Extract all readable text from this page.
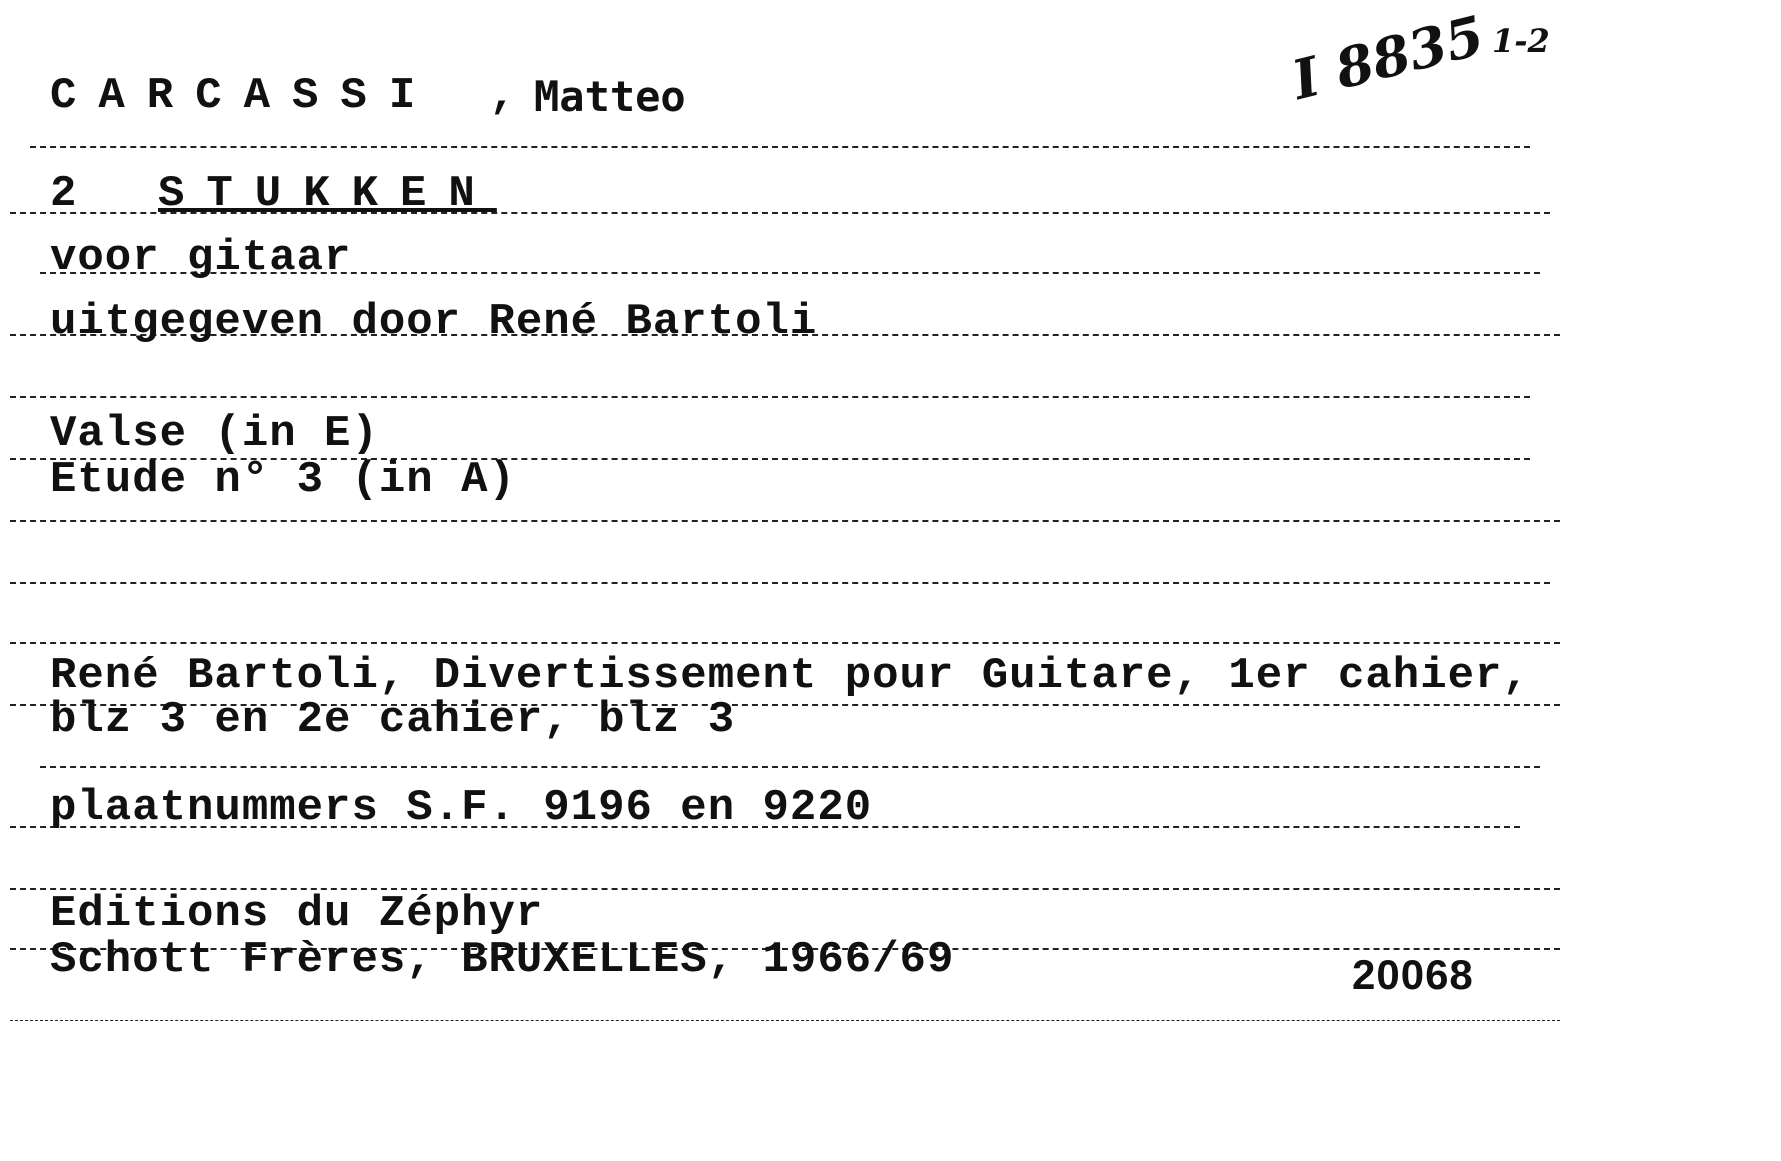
CARCASSI , Matteo	I 8835 1-2
2 STUKKEN
voor gitaar
uitgegeven door René Bartoli
Valse (in E)
Etude n° 3 (in A)
René Bartoli, Divertissement pour Guitare, 1er cahier,
blz 3 en 2e cahier, blz 3
plaatnummers S.F. 9196 en 9220
Editions du Zéphyr
Schott Frères, BRUXELLES, 1966/69	20068
